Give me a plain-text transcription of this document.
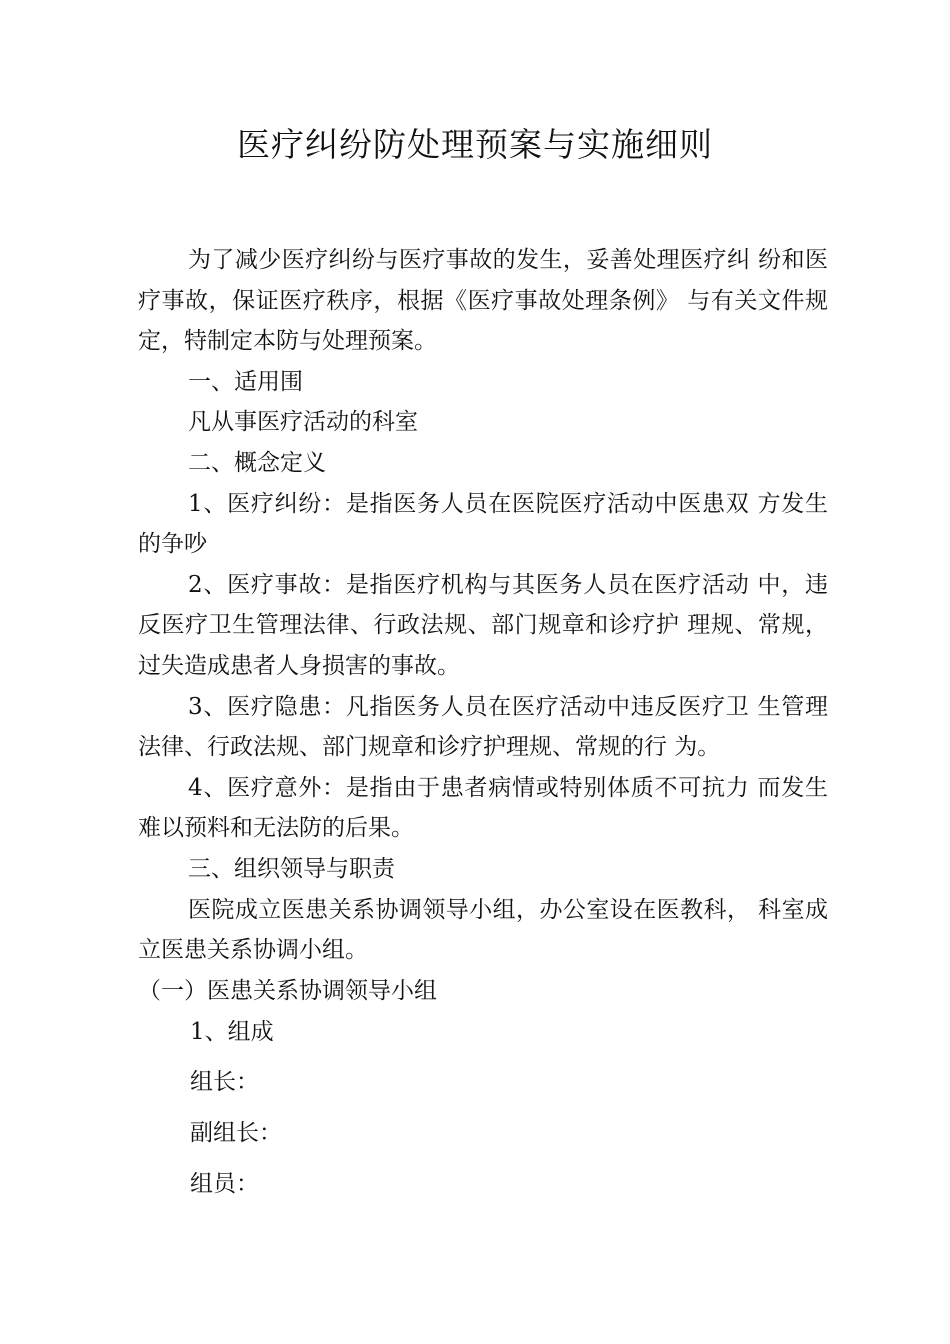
医疗纠纷防处理预案与实施细则

为了减少医疗纠纷与医疗事故的发生，妥善处理医疗纠 纷和医疗事故，保证医疗秩序，根据《医疗事故处理条例》 与有关文件规定，特制定本防与处理预案。

一、适用围

凡从事医疗活动的科室

二、概念定义

1、医疗纠纷：是指医务人员在医院医疗活动中医患双 方发生的争吵

2、医疗事故：是指医疗机构与其医务人员在医疗活动 中，违反医疗卫生管理法律、行政法规、部门规章和诊疗护 理规、常规，过失造成患者人身损害的事故。

3、医疗隐患：凡指医务人员在医疗活动中违反医疗卫 生管理法律、行政法规、部门规章和诊疗护理规、常规的行 为。

4、医疗意外：是指由于患者病情或特别体质不可抗力 而发生难以预料和无法防的后果。

三、组织领导与职责

医院成立医患关系协调领导小组，办公室设在医教科， 科室成立医患关系协调小组。

（一）医患关系协调领导小组

1、组成
组长：
副组长：
组员：
